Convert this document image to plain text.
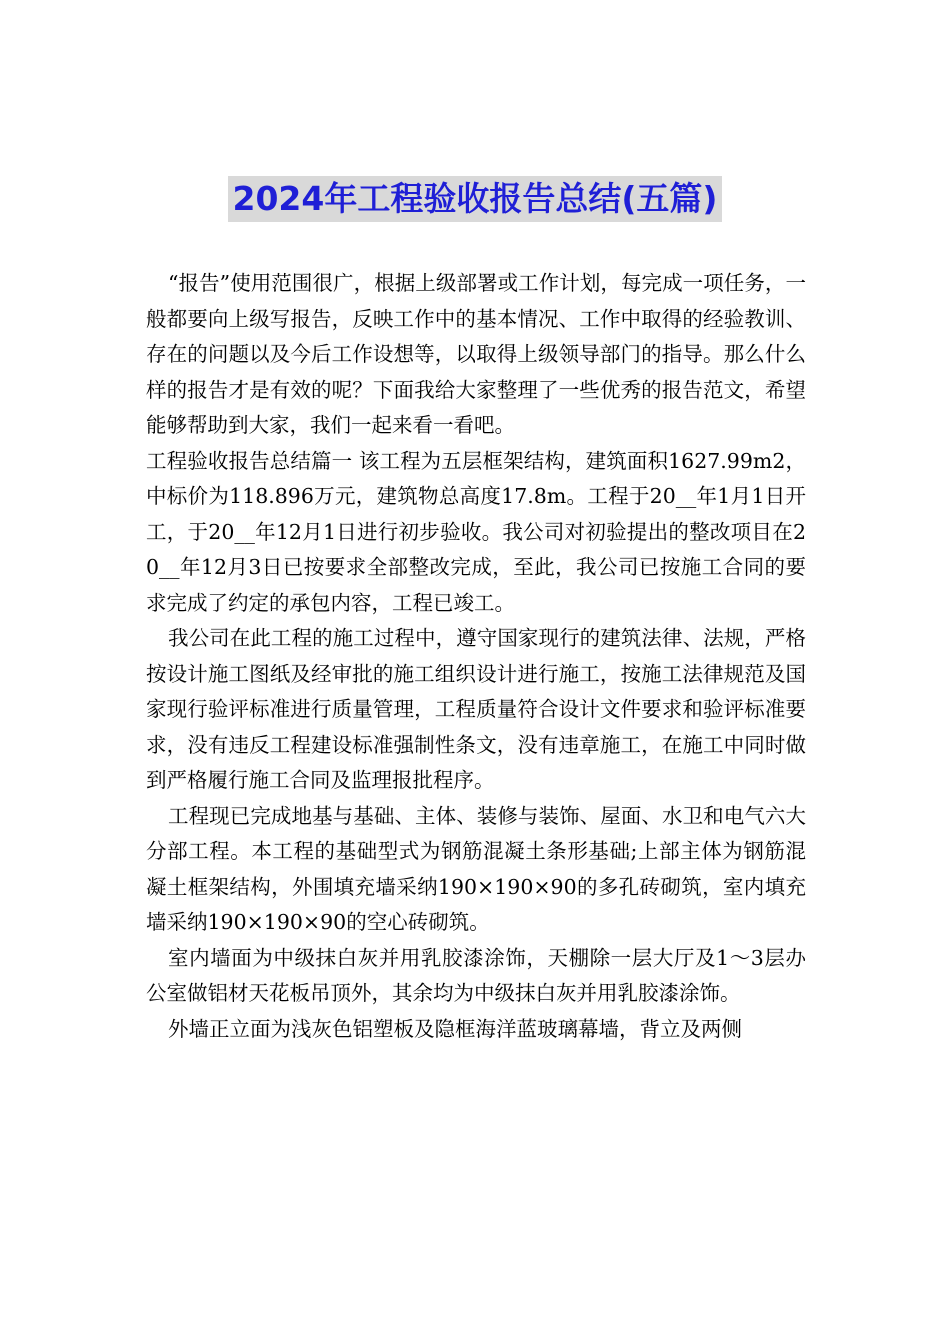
2024年工程验收报告总结(五篇)

“报告”使用范围很广，根据上级部署或工作计划，每完成一项任务，一般都要向上级写报告，反映工作中的基本情况、工作中取得的经验教训、存在的问题以及今后工作设想等，以取得上级领导部门的指导。那么什么样的报告才是有效的呢？下面我给大家整理了一些优秀的报告范文，希望能够帮助到大家，我们一起来看一看吧。

工程验收报告总结篇一 该工程为五层框架结构，建筑面积1627.99m2，中标价为118.896万元，建筑物总高度17.8m。工程于20__年1月1日开工，于20__年12月1日进行初步验收。我公司对初验提出的整改项目在20__年12月3日已按要求全部整改完成，至此，我公司已按施工合同的要求完成了约定的承包内容，工程已竣工。

我公司在此工程的施工过程中，遵守国家现行的建筑法律、法规，严格按设计施工图纸及经审批的施工组织设计进行施工，按施工法律规范及国家现行验评标准进行质量管理，工程质量符合设计文件要求和验评标准要求，没有违反工程建设标准强制性条文，没有违章施工，在施工中同时做到严格履行施工合同及监理报批程序。

工程现已完成地基与基础、主体、装修与装饰、屋面、水卫和电气六大分部工程。本工程的基础型式为钢筋混凝土条形基础;上部主体为钢筋混凝土框架结构，外围填充墙采纳190×190×90的多孔砖砌筑，室内填充墙采纳190×190×90的空心砖砌筑。

室内墙面为中级抹白灰并用乳胶漆涂饰，天棚除一层大厅及1～3层办公室做铝材天花板吊顶外，其余均为中级抹白灰并用乳胶漆涂饰。

外墙正立面为浅灰色铝塑板及隐框海洋蓝玻璃幕墙，背立及两侧
